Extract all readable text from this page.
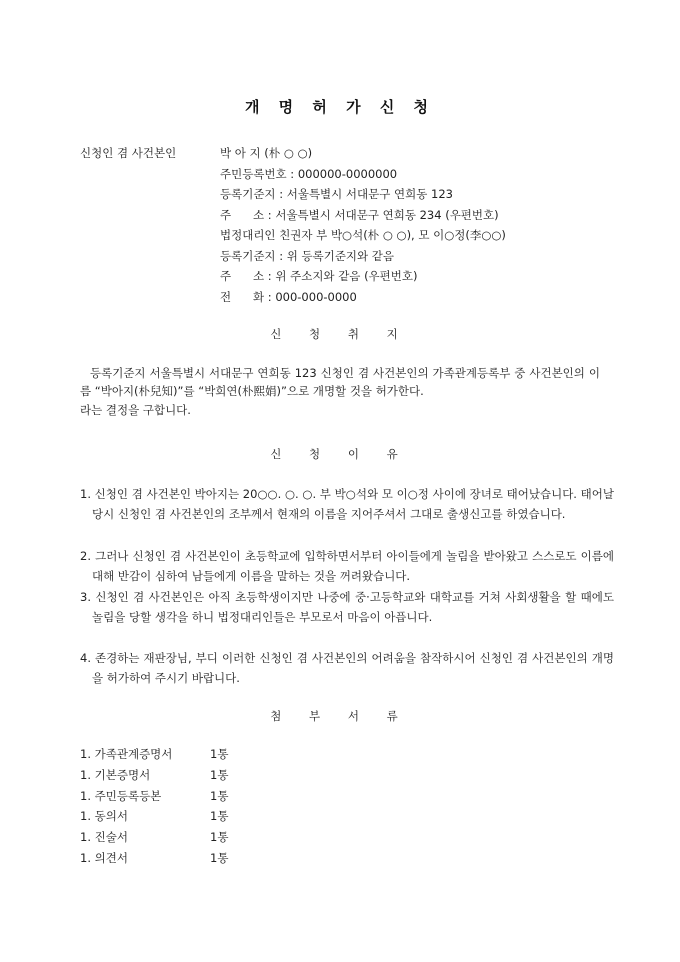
개 명 허 가 신 청
신청인 겸 사건본인	박 아 지 (朴 ○ ○)
주민등록번호 : 000000-0000000
등록기준지 : 서울특별시 서대문구 연희동 123
주      소 : 서울특별시 서대문구 연희동 234 (우편번호)
법정대리인 친권자 부 박○석(朴 ○ ○), 모 이○정(李○○)
등록기준지 : 위 등록기준지와 같음
주      소 : 위 주소지와 같음 (우편번호)
전      화 : 000-000-0000
신 청 취 지
등록기준지 서울특별시 서대문구 연희동 123 신청인 겸 사건본인의 가족관계등록부 중 사건본인의 이름 “박아지(朴兒知)”를 “박희연(朴熙娟)”으로 개명할 것을 허가한다.
라는 결정을 구합니다.
신 청 이 유
1. 신청인 겸 사건본인 박아지는 20○○. ○. ○. 부 박○석와 모 이○정 사이에 장녀로 태어났습니다. 태어날 당시 신청인 겸 사건본인의 조부께서 현재의 이름을 지어주셔서 그대로 출생신고를 하였습니다.
2. 그러나 신청인 겸 사건본인이 초등학교에 입학하면서부터 아이들에게 놀림을 받아왔고 스스로도 이름에 대해 반감이 심하여 남들에게 이름을 말하는 것을 꺼려왔습니다.
3. 신청인 겸 사건본인은 아직 초등학생이지만 나중에 중·고등학교와 대학교를 거쳐 사회생활을 할 때에도 놀림을 당할 생각을 하니 법정대리인들은 부모로서 마음이 아픕니다.
4. 존경하는 재판장님, 부디 이러한 신청인 겸 사건본인의 어려움을 참작하시어 신청인 겸 사건본인의 개명을 허가하여 주시기 바랍니다.
첨 부 서 류
1. 가족관계증명서	1통
1. 기본증명서	1통
1. 주민등록등본	1통
1. 동의서	1통
1. 진술서	1통
1. 의견서	1통
